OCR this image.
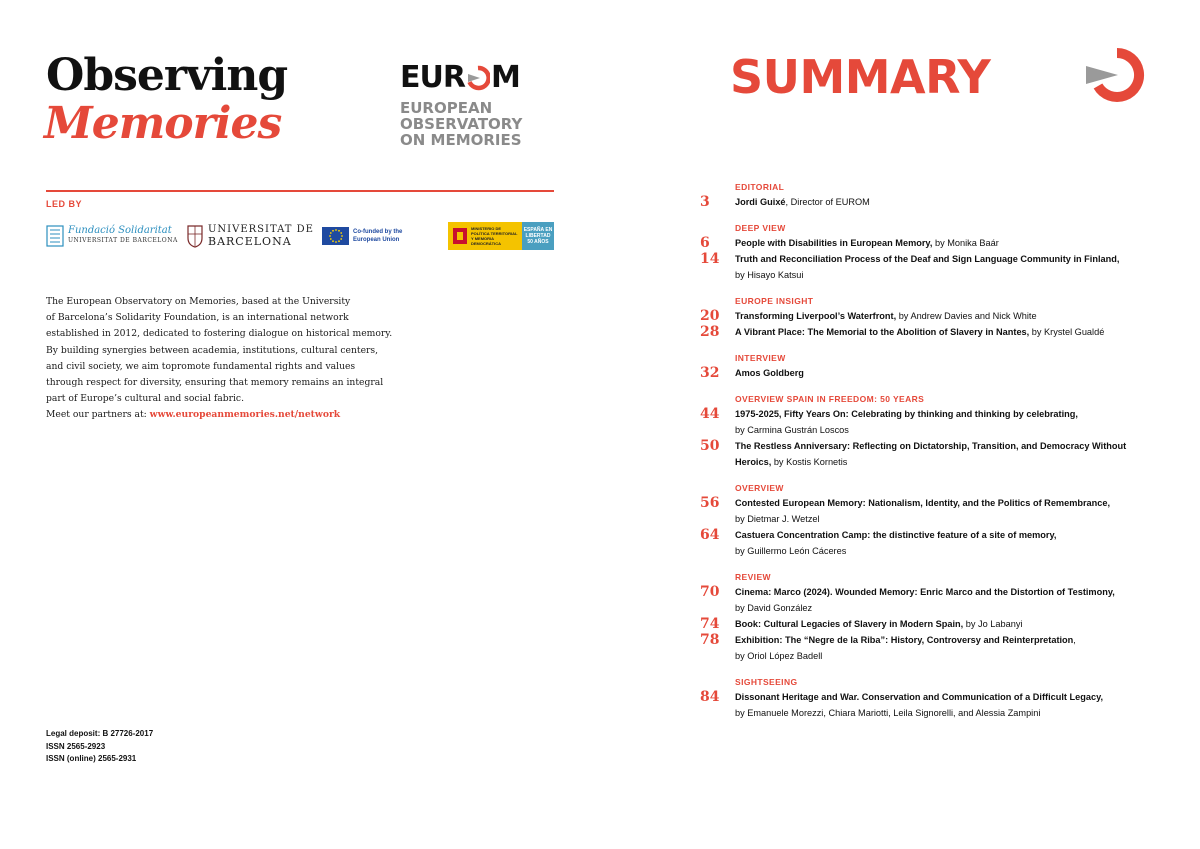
Observing
Memories
EUR M
EUROPEAN
OBSERVATORY
ON MEMORIES
LED BY
Fundació Solidaritat
UNIVERSITAT DE BARCELONA
UNIVERSITAT DE
BARCELONA
Co-funded by the European Union
MINISTERIO DE POLÍTICA TERRITORIAL Y MEMORIA DEMOCRÁTICA
ESPAÑA EN LIBERTAD 50 AÑOS
The European Observatory on Memories, based at the University
of Barcelona’s Solidarity Foundation, is an international network
established in 2012, dedicated to fostering dialogue on historical memory.
By building synergies between academia, institutions, cultural centers,
and civil society, we aim topromote fundamental rights and values
through respect for diversity, ensuring that memory remains an integral
part of Europe’s cultural and social fabric.
Meet our partners at: www.europeanmemories.net/network
Legal deposit: B 27726-2017
ISSN 2565-2923
ISSN (online) 2565-2931
SUMMARY
EDITORIAL
3	Jordi Guixé, Director of EUROM
DEEP VIEW
6	People with Disabilities in European Memory, by Monika Baár
14	Truth and Reconciliation Process of the Deaf and Sign Language Community in Finland,
by Hisayo Katsui
EUROPE INSIGHT
20	Transforming Liverpool’s Waterfront, by Andrew Davies and Nick White
28	A Vibrant Place: The Memorial to the Abolition of Slavery in Nantes, by Krystel Gualdé
INTERVIEW
32	Amos Goldberg
OVERVIEW SPAIN IN FREEDOM: 50 YEARS
44	1975-2025, Fifty Years On: Celebrating by thinking and thinking by celebrating,
by Carmina Gustrán Loscos
50	The Restless Anniversary: Reflecting on Dictatorship, Transition, and Democracy Without Heroics, by Kostis Kornetis
OVERVIEW
56	Contested European Memory: Nationalism, Identity, and the Politics of Remembrance,
by Dietmar J. Wetzel
64	Castuera Concentration Camp: the distinctive feature of a site of memory,
by Guillermo León Cáceres
REVIEW
70	Cinema: Marco (2024). Wounded Memory: Enric Marco and the Distortion of Testimony,
by David González
74	Book: Cultural Legacies of Slavery in Modern Spain, by Jo Labanyi
78	Exhibition: The “Negre de la Riba”: History, Controversy and Reinterpretation,
by Oriol López Badell
SIGHTSEEING
84	Dissonant Heritage and War. Conservation and Communication of a Difficult Legacy,
by Emanuele Morezzi, Chiara Mariotti, Leila Signorelli, and Alessia Zampini
